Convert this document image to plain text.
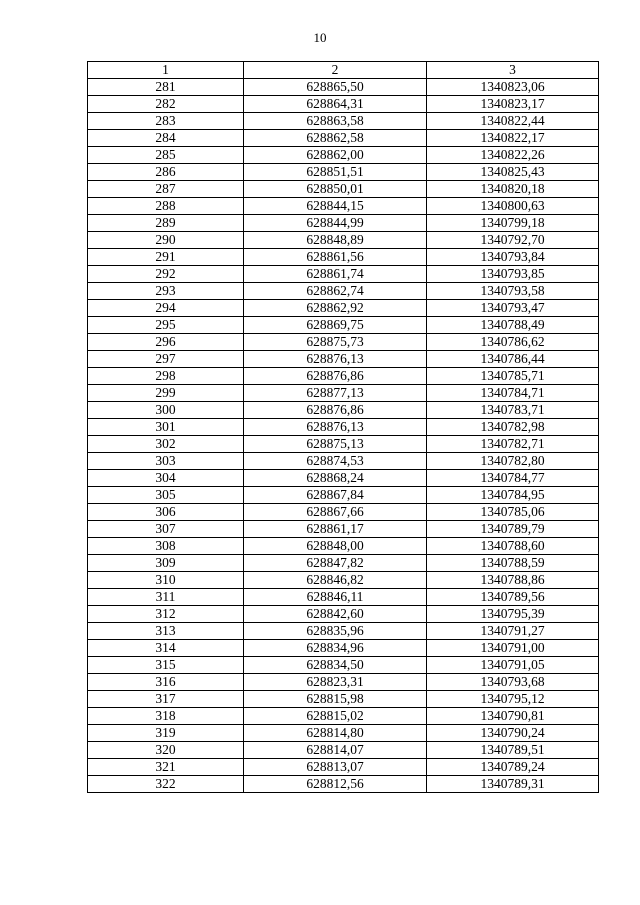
10
1	2	3
281	628865,50	1340823,06
282	628864,31	1340823,17
283	628863,58	1340822,44
284	628862,58	1340822,17
285	628862,00	1340822,26
286	628851,51	1340825,43
287	628850,01	1340820,18
288	628844,15	1340800,63
289	628844,99	1340799,18
290	628848,89	1340792,70
291	628861,56	1340793,84
292	628861,74	1340793,85
293	628862,74	1340793,58
294	628862,92	1340793,47
295	628869,75	1340788,49
296	628875,73	1340786,62
297	628876,13	1340786,44
298	628876,86	1340785,71
299	628877,13	1340784,71
300	628876,86	1340783,71
301	628876,13	1340782,98
302	628875,13	1340782,71
303	628874,53	1340782,80
304	628868,24	1340784,77
305	628867,84	1340784,95
306	628867,66	1340785,06
307	628861,17	1340789,79
308	628848,00	1340788,60
309	628847,82	1340788,59
310	628846,82	1340788,86
311	628846,11	1340789,56
312	628842,60	1340795,39
313	628835,96	1340791,27
314	628834,96	1340791,00
315	628834,50	1340791,05
316	628823,31	1340793,68
317	628815,98	1340795,12
318	628815,02	1340790,81
319	628814,80	1340790,24
320	628814,07	1340789,51
321	628813,07	1340789,24
322	628812,56	1340789,31
